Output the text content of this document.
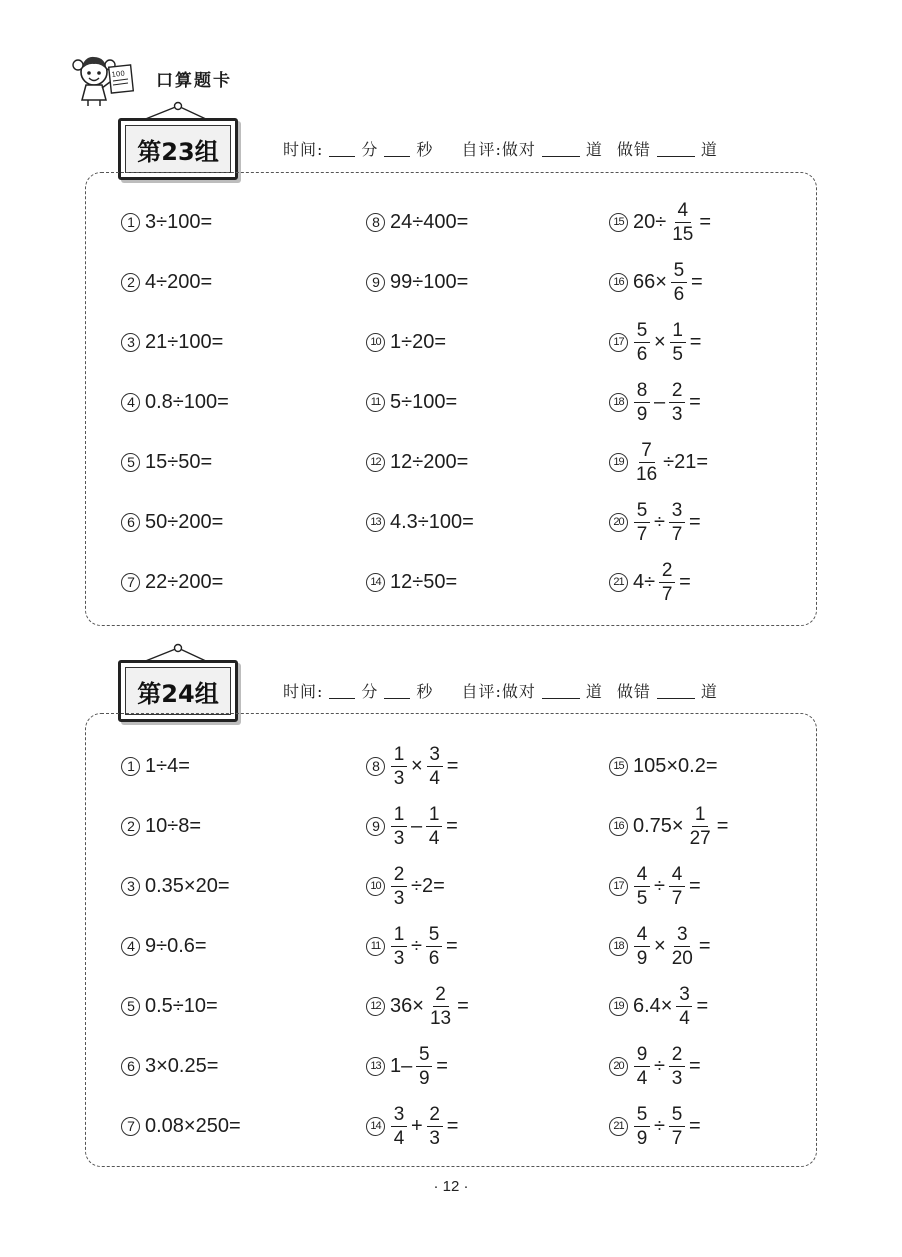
100 口算题卡
第23组	时间: 分 秒 自评:做对	道 做错	道
1 3÷100=	8 24÷400=	15 $20\div \frac{4}{15}$ =
2 4÷200=	9 99÷100=	16 $66\times \frac{5}{6}$ =
3 21÷100=	10 1÷20=	$17 \frac{5}{6} \times \frac{1}{5}$ =
4 0.8÷100=	11 5÷100=	$18 \frac{8}{9} - \frac{2}{3}$ =
5 15÷50=	12 12÷200=	$19 \frac{7}{16} \div 21=$
6 50÷200=	13 4.3÷100=	$20 \frac{5}{7} \div \frac{3}{7}$ =
7 22÷200=	14 12÷50=	21 $4\div \frac{2}{7}$ =
第24组	时间: 分 秒 自评:做对	道 做错	道
1 1÷4=	$8 \frac{1}{3} \times \frac{3}{4}$ =	15 105×0.2=
2 10÷8=	$9 \frac{1}{3} - \frac{1}{4}$ =	16 $0.75\times \frac{1}{27}$ =
3 0.35×20=	$10 \frac{2}{3} \div 2=$	$17 \frac{4}{5} \div \frac{4}{7}$ =
4 9÷0.6=	$11 \frac{1}{3} \div \frac{5}{6}$ =	$18 \frac{4}{9} \times \frac{3}{20}$ =
5 0.5÷10=	12 $36\times \frac{2}{13}$ =	19 $6.4\times \frac{3}{4}$ =
6 3×0.25=	13 $1- \frac{5}{9}$ =	$20 \frac{9}{4} \div \frac{2}{3}$ =
7 0.08×250=	$14 \frac{3}{4} + \frac{2}{3}$ =	$21 \frac{5}{9} \div \frac{5}{7}$ =
· 12 ·
